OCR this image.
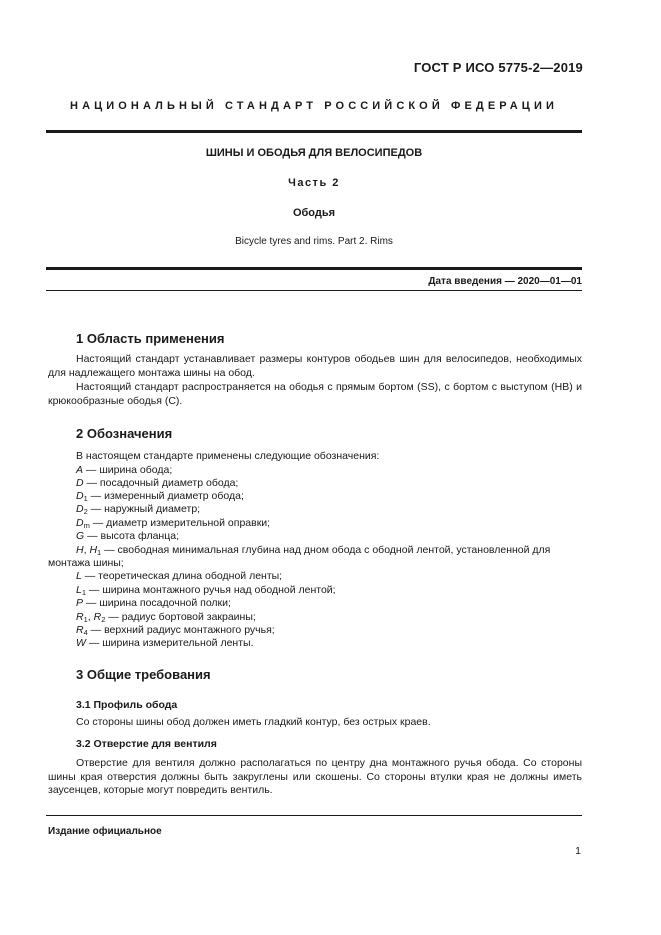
ГОСТ Р ИСО 5775-2—2019
НАЦИОНАЛЬНЫЙ СТАНДАРТ РОССИЙСКОЙ ФЕДЕРАЦИИ
ШИНЫ И ОБОДЬЯ ДЛЯ ВЕЛОСИПЕДОВ
Часть 2
Ободья
Bicycle tyres and rims. Part 2. Rims
Дата введения — 2020—01—01
1 Область применения
Настоящий стандарт устанавливает размеры контуров ободьев шин для велосипедов, необходимых для надлежащего монтажа шины на обод.
Настоящий стандарт распространяется на ободья с прямым бортом (SS), с бортом с выступом (HB) и крюкообразные ободья (C).
2 Обозначения
В настоящем стандарте применены следующие обозначения:
A — ширина обода;
D — посадочный диаметр обода;
$D_1$ — измеренный диаметр обода;
$D_2$ — наружный диаметр;
$D_m$ — диаметр измерительной оправки;
G — высота фланца;
H, $H_1$ — свободная минимальная глубина над дном обода с ободной лентой, установленной для
L — теоретическая длина ободной ленты;
$L_1$ — ширина монтажного ручья над ободной лентой;
P — ширина посадочной полки;
$R_1$, $R_2$ — радиус бортовой закраины;
$R_4$ — верхний радиус монтажного ручья;
W — ширина измерительной ленты.
монтажа шины;
3 Общие требования
3.1 Профиль обода
Со стороны шины обод должен иметь гладкий контур, без острых краев.
3.2 Отверстие для вентиля
Отверстие для вентиля должно располагаться по центру дна монтажного ручья обода. Со стороны шины края отверстия должны быть закруглены или скошены. Со стороны втулки края не должны иметь заусенцев, которые могут повредить вентиль.
Издание официальное
1
